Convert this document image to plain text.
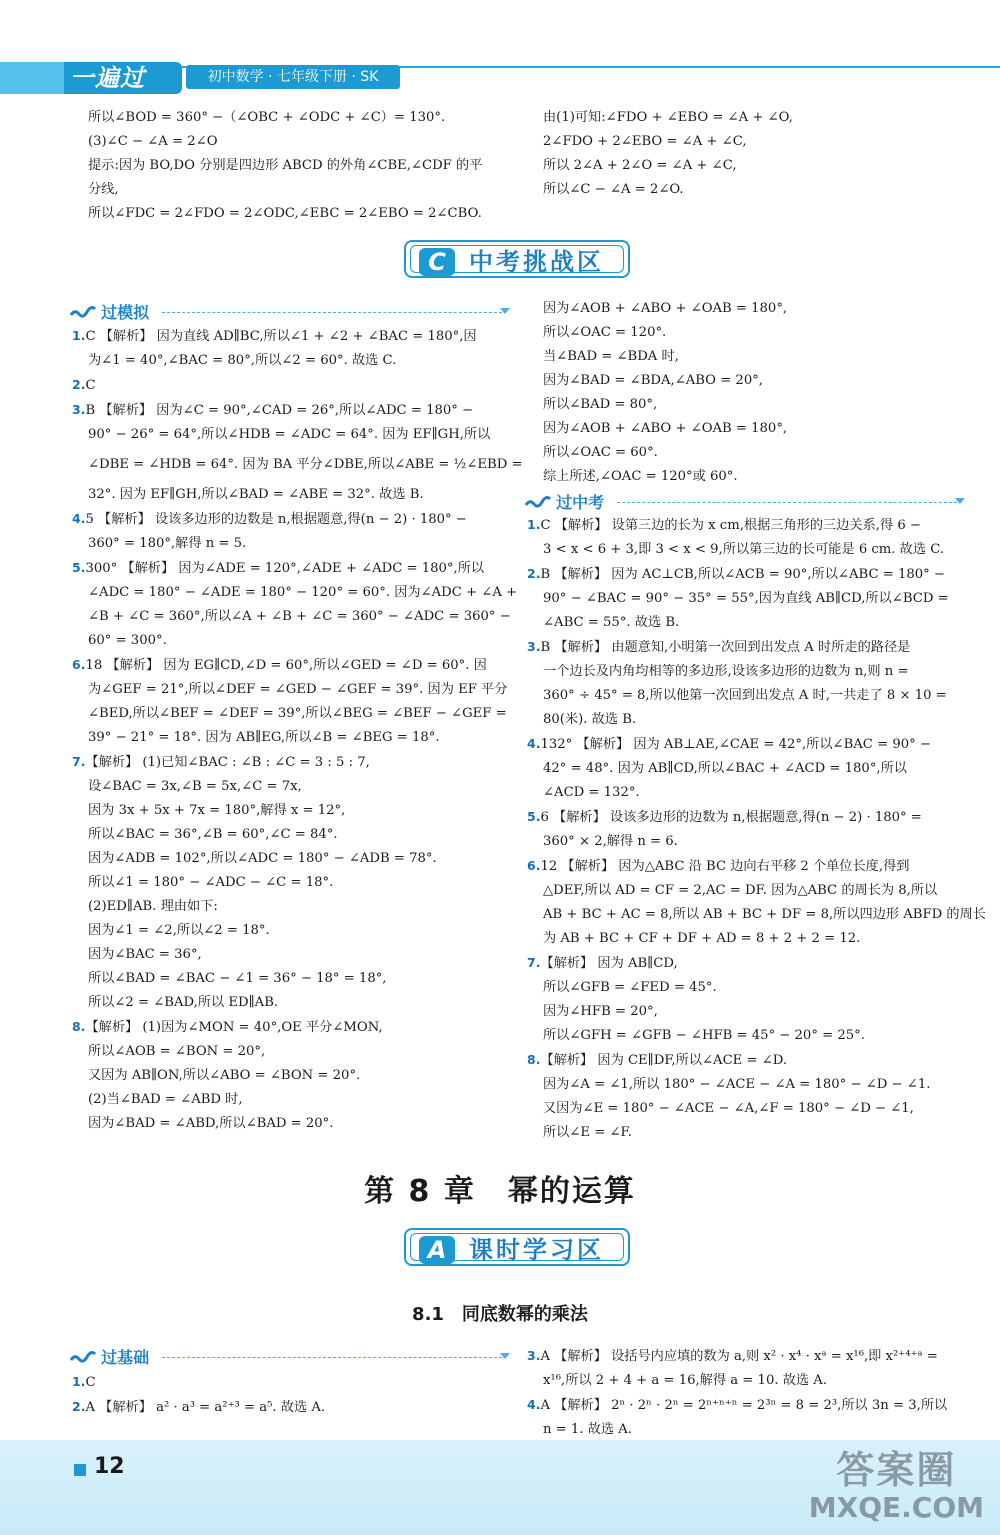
一遍过	初中数学 · 七年级下册 · SK
所以∠BOD = 360° −（∠OBC + ∠ODC + ∠C）= 130°.
(3)∠C − ∠A = 2∠O
提示:因为 BO,DO 分别是四边形 ABCD 的外角∠CBE,∠CDF 的平
分线,
所以∠FDC = 2∠FDO = 2∠ODC,∠EBC = 2∠EBO = 2∠CBO.
由(1)可知:∠FDO + ∠EBO = ∠A + ∠O,
2∠FDO + 2∠EBO = ∠A + ∠C,
所以 2∠A + 2∠O = ∠A + ∠C,
所以∠C − ∠A = 2∠O.
C 中考挑战区
过模拟
1.C 【解析】 因为直线 AD∥BC,所以∠1 + ∠2 + ∠BAC = 180°,因
为∠1 = 40°,∠BAC = 80°,所以∠2 = 60°. 故选 C.
2.C
3.B 【解析】 因为∠C = 90°,∠CAD = 26°,所以∠ADC = 180° −
90° − 26° = 64°,所以∠HDB = ∠ADC = 64°. 因为 EF∥GH,所以
∠DBE = ∠HDB = 64°. 因为 BA 平分∠DBE,所以∠ABE = ½∠EBD =
32°. 因为 EF∥GH,所以∠BAD = ∠ABE = 32°. 故选 B.
4.5 【解析】 设该多边形的边数是 n,根据题意,得(n − 2) · 180° −
360° = 180°,解得 n = 5.
5.300° 【解析】 因为∠ADE = 120°,∠ADE + ∠ADC = 180°,所以
∠ADC = 180° − ∠ADE = 180° − 120° = 60°. 因为∠ADC + ∠A +
∠B + ∠C = 360°,所以∠A + ∠B + ∠C = 360° − ∠ADC = 360° −
60° = 300°.
6.18 【解析】 因为 EG∥CD,∠D = 60°,所以∠GED = ∠D = 60°. 因
为∠GEF = 21°,所以∠DEF = ∠GED − ∠GEF = 39°. 因为 EF 平分
∠BED,所以∠BEF = ∠DEF = 39°,所以∠BEG = ∠BEF − ∠GEF =
39° − 21° = 18°. 因为 AB∥EG,所以∠B = ∠BEG = 18°.
7.【解析】 (1)已知∠BAC : ∠B : ∠C = 3 : 5 : 7,
设∠BAC = 3x,∠B = 5x,∠C = 7x,
因为 3x + 5x + 7x = 180°,解得 x = 12°,
所以∠BAC = 36°,∠B = 60°,∠C = 84°.
因为∠ADB = 102°,所以∠ADC = 180° − ∠ADB = 78°.
所以∠1 = 180° − ∠ADC − ∠C = 18°.
(2)ED∥AB. 理由如下:
因为∠1 = ∠2,所以∠2 = 18°.
因为∠BAC = 36°,
所以∠BAD = ∠BAC − ∠1 = 36° − 18° = 18°,
所以∠2 = ∠BAD,所以 ED∥AB.
8.【解析】 (1)因为∠MON = 40°,OE 平分∠MON,
所以∠AOB = ∠BON = 20°,
又因为 AB∥ON,所以∠ABO = ∠BON = 20°.
(2)当∠BAD = ∠ABD 时,
因为∠BAD = ∠ABD,所以∠BAD = 20°.
因为∠AOB + ∠ABO + ∠OAB = 180°,
所以∠OAC = 120°.
当∠BAD = ∠BDA 时,
因为∠BAD = ∠BDA,∠ABO = 20°,
所以∠BAD = 80°,
因为∠AOB + ∠ABO + ∠OAB = 180°,
所以∠OAC = 60°.
综上所述,∠OAC = 120°或 60°.
过中考
1.C 【解析】 设第三边的长为 x cm,根据三角形的三边关系,得 6 −
3 < x < 6 + 3,即 3 < x < 9,所以第三边的长可能是 6 cm. 故选 C.
2.B 【解析】 因为 AC⊥CB,所以∠ACB = 90°,所以∠ABC = 180° −
90° − ∠BAC = 90° − 35° = 55°,因为直线 AB∥CD,所以∠BCD =
∠ABC = 55°. 故选 B.
3.B 【解析】 由题意知,小明第一次回到出发点 A 时所走的路径是
一个边长及内角均相等的多边形,设该多边形的边数为 n,则 n =
360° ÷ 45° = 8,所以他第一次回到出发点 A 时,一共走了 8 × 10 =
80(米). 故选 B.
4.132° 【解析】 因为 AB⊥AE,∠CAE = 42°,所以∠BAC = 90° −
42° = 48°. 因为 AB∥CD,所以∠BAC + ∠ACD = 180°,所以
∠ACD = 132°.
5.6 【解析】 设该多边形的边数为 n,根据题意,得(n − 2) · 180° =
360° × 2,解得 n = 6.
6.12 【解析】 因为△ABC 沿 BC 边向右平移 2 个单位长度,得到
△DEF,所以 AD = CF = 2,AC = DF. 因为△ABC 的周长为 8,所以
AB + BC + AC = 8,所以 AB + BC + DF = 8,所以四边形 ABFD 的周长
为 AB + BC + CF + DF + AD = 8 + 2 + 2 = 12.
7.【解析】 因为 AB∥CD,
所以∠GFB = ∠FED = 45°.
因为∠HFB = 20°,
所以∠GFH = ∠GFB − ∠HFB = 45° − 20° = 25°.
8.【解析】 因为 CE∥DF,所以∠ACE = ∠D.
因为∠A = ∠1,所以 180° − ∠ACE − ∠A = 180° − ∠D − ∠1.
又因为∠E = 180° − ∠ACE − ∠A,∠F = 180° − ∠D − ∠1,
所以∠E = ∠F.
第 8 章　幂的运算
A 课时学习区
8.1　同底数幂的乘法
过基础
1.C
2.A 【解析】 a² · a³ = a²⁺³ = a⁵. 故选 A.
3.A 【解析】 设括号内应填的数为 a,则 x² · x⁴ · xᵃ = x¹⁶,即 x²⁺⁴⁺ᵃ =
x¹⁶,所以 2 + 4 + a = 16,解得 a = 10. 故选 A.
4.A 【解析】 2ⁿ · 2ⁿ · 2ⁿ = 2ⁿ⁺ⁿ⁺ⁿ = 2³ⁿ = 8 = 2³,所以 3n = 3,所以
n = 1. 故选 A.
12	答案圈
MXQE.COM
